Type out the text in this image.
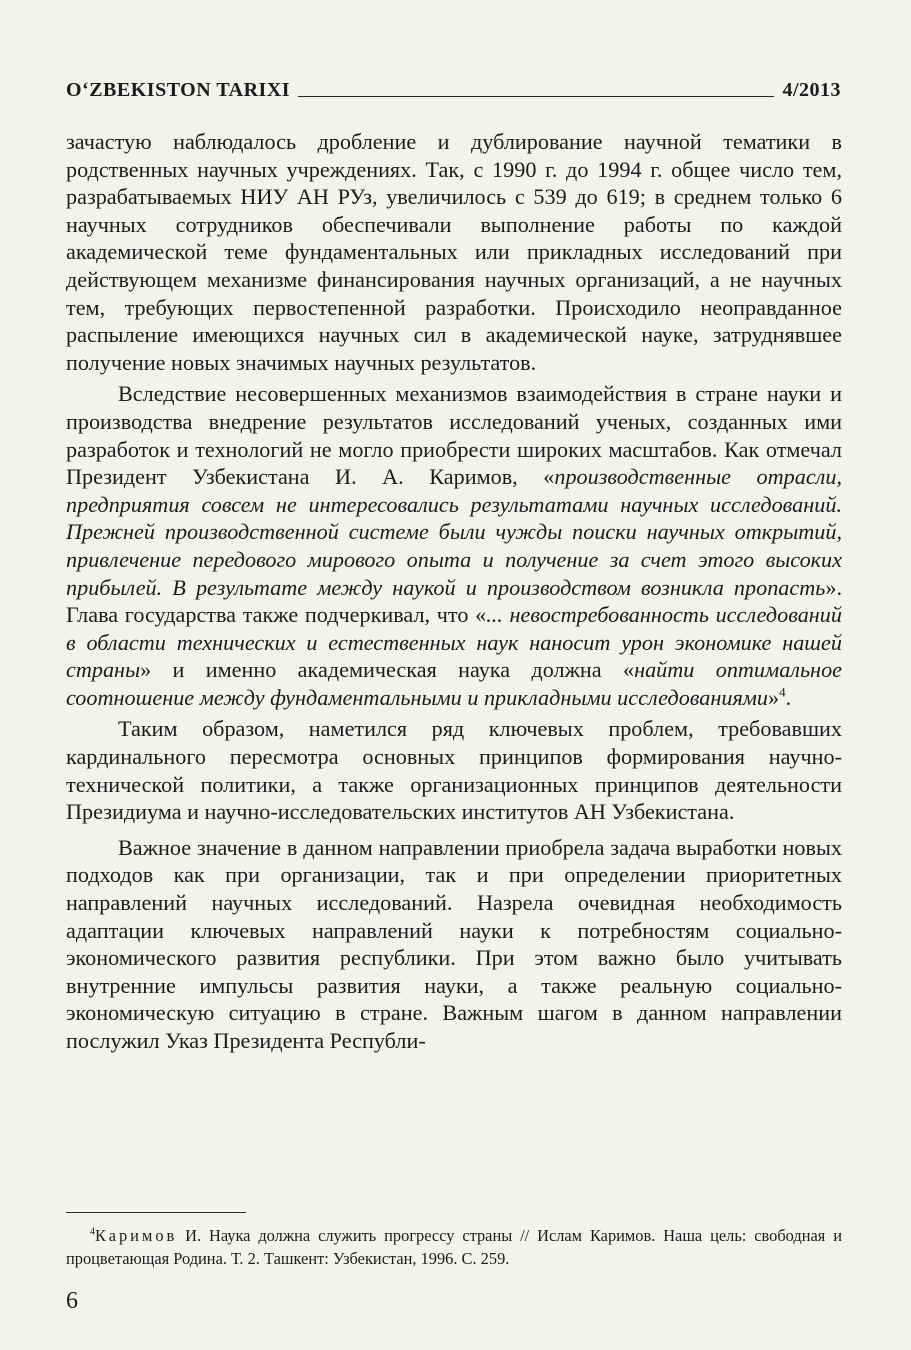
O‘ZBEKISTON TARIXI	4/2013

зачастую наблюдалось дробление и дублирование научной тематики в родственных научных учреждениях. Так, с 1990 г. до 1994 г. общее число тем, разрабатываемых НИУ АН РУз, увеличилось с 539 до 619; в среднем только 6 научных сотрудников обеспечивали выполнение работы по каждой академической теме фундаментальных или прикладных исследований при действующем механизме финансирования научных организаций, а не научных тем, требующих первостепенной разработки. Происходило неоправданное распыление имеющихся научных сил в академической науке, затруднявшее получение новых значимых научных результатов.

Вследствие несовершенных механизмов взаимодействия в стране науки и производства внедрение результатов исследований ученых, созданных ими разработок и технологий не могло приобрести широких масштабов. Как отмечал Президент Узбекистана И. А. Каримов, «производственные отрасли, предприятия совсем не интересовались результатами научных исследований. Прежней производственной системе были чужды поиски научных открытий, привлечение передового мирового опыта и получение за счет этого высоких прибылей. В результате между наукой и производством возникла пропасть». Глава государства также подчеркивал, что «... невостребованность исследований в области технических и естественных наук наносит урон экономике нашей страны» и именно академическая наука должна «найти оптимальное соотношение между фундаментальными и прикладными исследованиями»$^4$.

Таким образом, наметился ряд ключевых проблем, требовавших кардинального пересмотра основных принципов формирования научно-технической политики, а также организационных принципов деятельности Президиума и научно-исследовательских институтов АН Узбекистана.

Важное значение в данном направлении приобрела задача выработки новых подходов как при организации, так и при определении приоритетных направлений научных исследований. Назрела очевидная необходимость адаптации ключевых направлений науки к потребностям социально-экономического развития республики. При этом важно было учитывать внутренние импульсы развития науки, а также реальную социально-экономическую ситуацию в стране. Важным шагом в данном направлении послужил Указ Президента Республи-

$^4$Каримов И. Наука должна служить прогрессу страны // Ислам Каримов. Наша цель: свободная и процветающая Родина. Т. 2. Ташкент: Узбекистан, 1996. С. 259.
6
